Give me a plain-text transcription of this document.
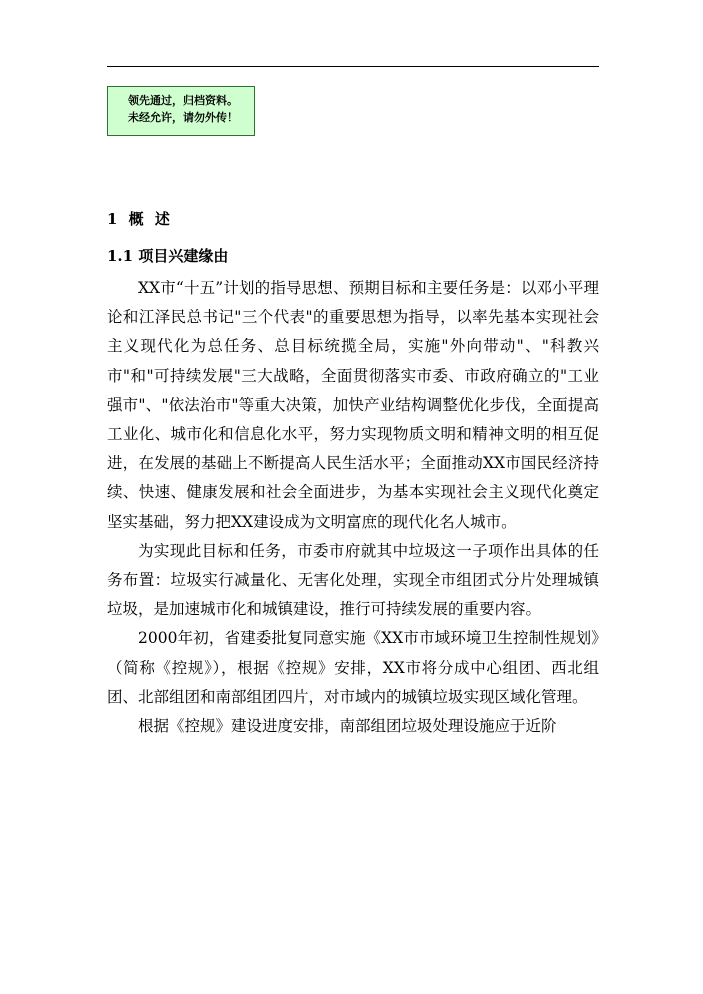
领先通过，归档资料。
未经允许，请勿外传！
1 概 述
1.1 项目兴建缘由

XX市“十五”计划的指导思想、预期目标和主要任务是：以邓小平理论和江泽民总书记"三个代表"的重要思想为指导，以率先基本实现社会主义现代化为总任务、总目标统揽全局，实施"外向带动"、"科教兴市"和"可持续发展"三大战略，全面贯彻落实市委、市政府确立的"工业强市"、"依法治市"等重大决策，加快产业结构调整优化步伐，全面提高工业化、城市化和信息化水平，努力实现物质文明和精神文明的相互促进，在发展的基础上不断提高人民生活水平；全面推动XX市国民经济持续、快速、健康发展和社会全面进步，为基本实现社会主义现代化奠定坚实基础，努力把XX建设成为文明富庶的现代化名人城市。

为实现此目标和任务，市委市府就其中垃圾这一子项作出具体的任务布置：垃圾实行减量化、无害化处理，实现全市组团式分片处理城镇垃圾，是加速城市化和城镇建设，推行可持续发展的重要内容。

2000年初，省建委批复同意实施《XX市市域环境卫生控制性规划》（简称《控规》），根据《控规》安排，XX市将分成中心组团、西北组团、北部组团和南部组团四片，对市域内的城镇垃圾实现区域化管理。

根据《控规》建设进度安排，南部组团垃圾处理设施应于近阶
